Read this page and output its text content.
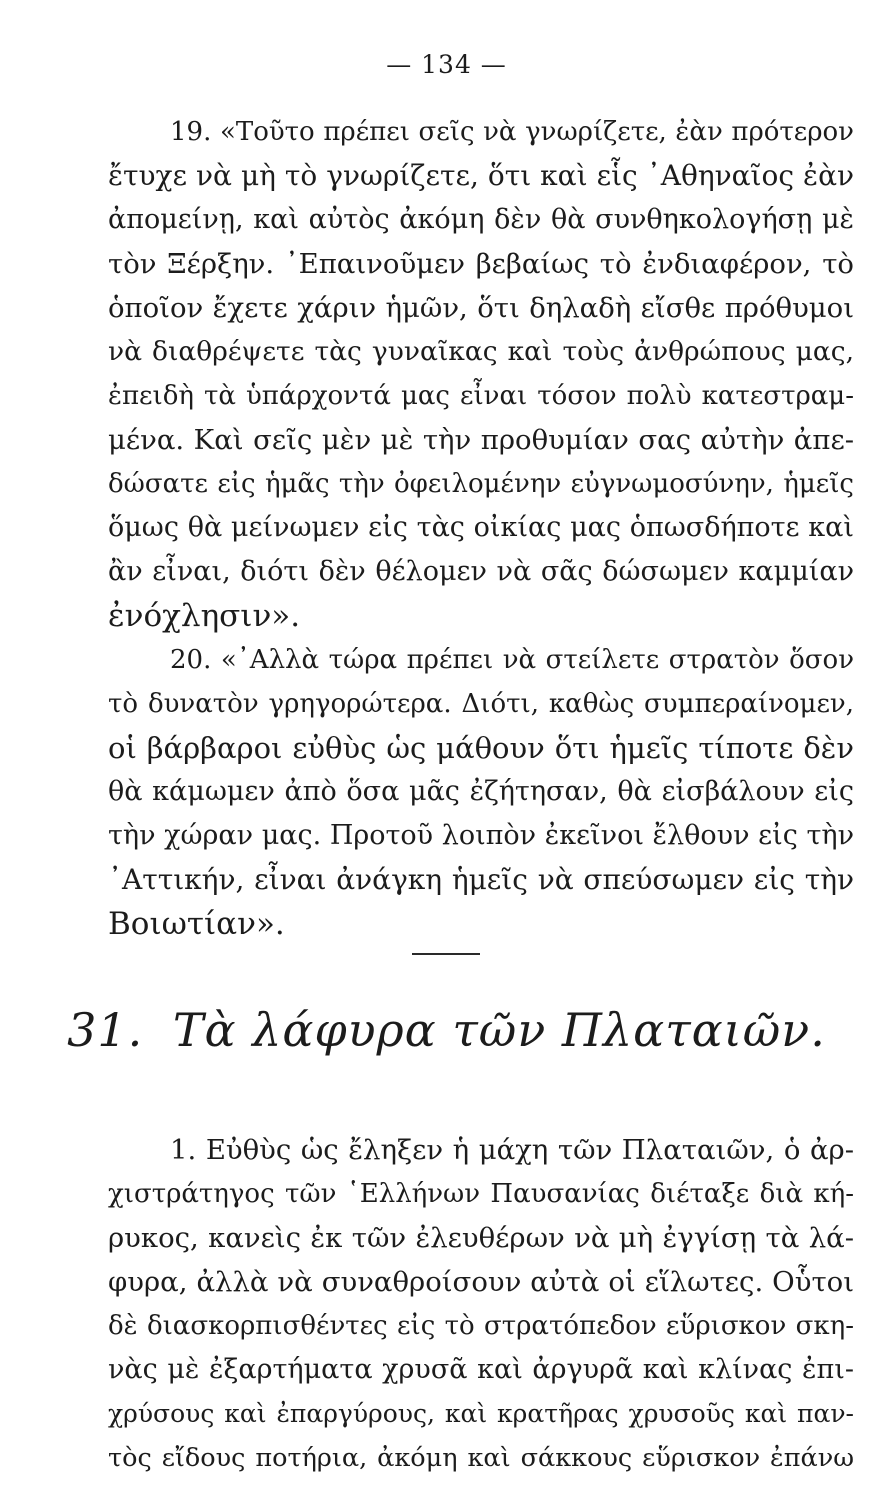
— 134 —
19. «Τοῦτο πρέπει σεῖς νὰ γνωρίζετε, ἐὰν πρότερον
ἔτυχε νὰ μὴ τὸ γνωρίζετε, ὅτι καὶ εἷς ᾿Αθηναῖος ἐὰν
ἀπομείνῃ, καὶ αὐτὸς ἀκόμη δὲν θὰ συνθηκολογήσῃ μὲ
τὸν Ξέρξην. ᾿Επαινοῦμεν βεβαίως τὸ ἐνδιαφέρον, τὸ
ὁποῖον ἔχετε χάριν ἡμῶν, ὅτι δηλαδὴ εἴσθε πρόθυμοι
νὰ διαθρέψετε τὰς γυναῖκας καὶ τοὺς ἀνθρώπους μας,
ἐπειδὴ τὰ ὑπάρχοντά μας εἶναι τόσον πολὺ κατεστραμ-
μένα. Καὶ σεῖς μὲν μὲ τὴν προθυμίαν σας αὐτὴν ἀπε-
δώσατε εἰς ἡμᾶς τὴν ὀφειλομένην εὐγνωμοσύνην, ἡμεῖς
ὅμως θὰ μείνωμεν εἰς τὰς οἰκίας μας ὁπωσδήποτε καὶ
ἂν εἶναι, διότι δὲν θέλομεν νὰ σᾶς δώσωμεν καμμίαν
ἐνόχλησιν».
20. «᾿Αλλὰ τώρα πρέπει νὰ στείλετε στρατὸν ὅσον
τὸ δυνατὸν γρηγορώτερα. Διότι, καθὼς συμπεραίνομεν,
οἱ βάρβαροι εὐθὺς ὡς μάθουν ὅτι ἡμεῖς τίποτε δὲν
θὰ κάμωμεν ἀπὸ ὅσα μᾶς ἐζήτησαν, θὰ εἰσβάλουν εἰς
τὴν χώραν μας. Προτοῦ λοιπὸν ἐκεῖνοι ἔλθουν εἰς τὴν
᾿Αττικήν, εἶναι ἀνάγκη ἡμεῖς νὰ σπεύσωμεν εἰς τὴν
Βοιωτίαν».
31. Τὰ λάφυρα τῶν Πλαταιῶν.
1. Εὐθὺς ὡς ἔληξεν ἡ μάχη τῶν Πλαταιῶν, ὁ ἀρ-
χιστράτηγος τῶν ῾Ελλήνων Παυσανίας διέταξε διὰ κή-
ρυκος, κανεὶς ἐκ τῶν ἐλευθέρων νὰ μὴ ἐγγίσῃ τὰ λά-
φυρα, ἀλλὰ νὰ συναθροίσουν αὐτὰ οἱ εἵλωτες. Οὗτοι
δὲ διασκορπισθέντες εἰς τὸ στρατόπεδον εὕρισκον σκη-
νὰς μὲ ἐξαρτήματα χρυσᾶ καὶ ἀργυρᾶ καὶ κλίνας ἐπι-
χρύσους καὶ ἐπαργύρους, καὶ κρατῆρας χρυσοῦς καὶ παν-
τὸς εἴδους ποτήρια, ἀκόμη καὶ σάκκους εὕρισκον ἐπάνω
